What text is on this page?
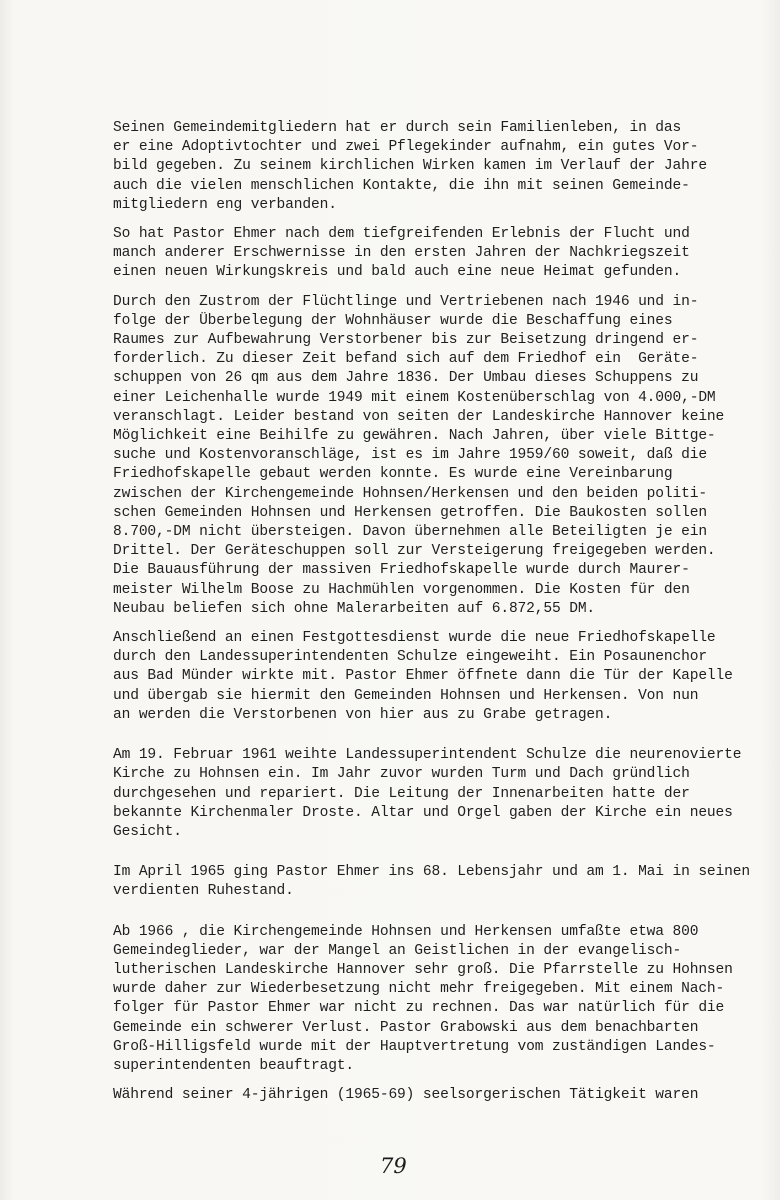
Seinen Gemeindemitgliedern hat er durch sein Familienleben, in das
er eine Adoptivtochter und zwei Pflegekinder aufnahm, ein gutes Vor-
bild gegeben. Zu seinem kirchlichen Wirken kamen im Verlauf der Jahre
auch die vielen menschlichen Kontakte, die ihn mit seinen Gemeinde-
mitgliedern eng verbanden.

So hat Pastor Ehmer nach dem tiefgreifenden Erlebnis der Flucht und
manch anderer Erschwernisse in den ersten Jahren der Nachkriegszeit
einen neuen Wirkungskreis und bald auch eine neue Heimat gefunden.

Durch den Zustrom der Flüchtlinge und Vertriebenen nach 1946 und in-
folge der Überbelegung der Wohnhäuser wurde die Beschaffung eines
Raumes zur Aufbewahrung Verstorbener bis zur Beisetzung dringend er-
forderlich. Zu dieser Zeit befand sich auf dem Friedhof ein  Geräte-
schuppen von 26 qm aus dem Jahre 1836. Der Umbau dieses Schuppens zu
einer Leichenhalle wurde 1949 mit einem Kostenüberschlag von 4.000,-DM
veranschlagt. Leider bestand von seiten der Landeskirche Hannover keine
Möglichkeit eine Beihilfe zu gewähren. Nach Jahren, über viele Bittge-
suche und Kostenvoranschläge, ist es im Jahre 1959/60 soweit, daß die
Friedhofskapelle gebaut werden konnte. Es wurde eine Vereinbarung
zwischen der Kirchengemeinde Hohnsen/Herkensen und den beiden politi-
schen Gemeinden Hohnsen und Herkensen getroffen. Die Baukosten sollen
8.700,-DM nicht übersteigen. Davon übernehmen alle Beteiligten je ein
Drittel. Der Geräteschuppen soll zur Versteigerung freigegeben werden.
Die Bauausführung der massiven Friedhofskapelle wurde durch Maurer-
meister Wilhelm Boose zu Hachmühlen vorgenommen. Die Kosten für den
Neubau beliefen sich ohne Malerarbeiten auf 6.872,55 DM.

Anschließend an einen Festgottesdienst wurde die neue Friedhofskapelle
durch den Landessuperintendenten Schulze eingeweiht. Ein Posaunenchor
aus Bad Münder wirkte mit. Pastor Ehmer öffnete dann die Tür der Kapelle
und übergab sie hiermit den Gemeinden Hohnsen und Herkensen. Von nun
an werden die Verstorbenen von hier aus zu Grabe getragen.

Am 19. Februar 1961 weihte Landessuperintendent Schulze die neurenovierte
Kirche zu Hohnsen ein. Im Jahr zuvor wurden Turm und Dach gründlich
durchgesehen und repariert. Die Leitung der Innenarbeiten hatte der
bekannte Kirchenmaler Droste. Altar und Orgel gaben der Kirche ein neues
Gesicht.

Im April 1965 ging Pastor Ehmer ins 68. Lebensjahr und am 1. Mai in seinen
verdienten Ruhestand.

Ab 1966 , die Kirchengemeinde Hohnsen und Herkensen umfaßte etwa 800
Gemeindeglieder, war der Mangel an Geistlichen in der evangelisch-
lutherischen Landeskirche Hannover sehr groß. Die Pfarrstelle zu Hohnsen
wurde daher zur Wiederbesetzung nicht mehr freigegeben. Mit einem Nach-
folger für Pastor Ehmer war nicht zu rechnen. Das war natürlich für die
Gemeinde ein schwerer Verlust. Pastor Grabowski aus dem benachbarten
Groß-Hilligsfeld wurde mit der Hauptvertretung vom zuständigen Landes-
superintendenten beauftragt.

Während seiner 4-jährigen (1965-69) seelsorgerischen Tätigkeit waren

79
